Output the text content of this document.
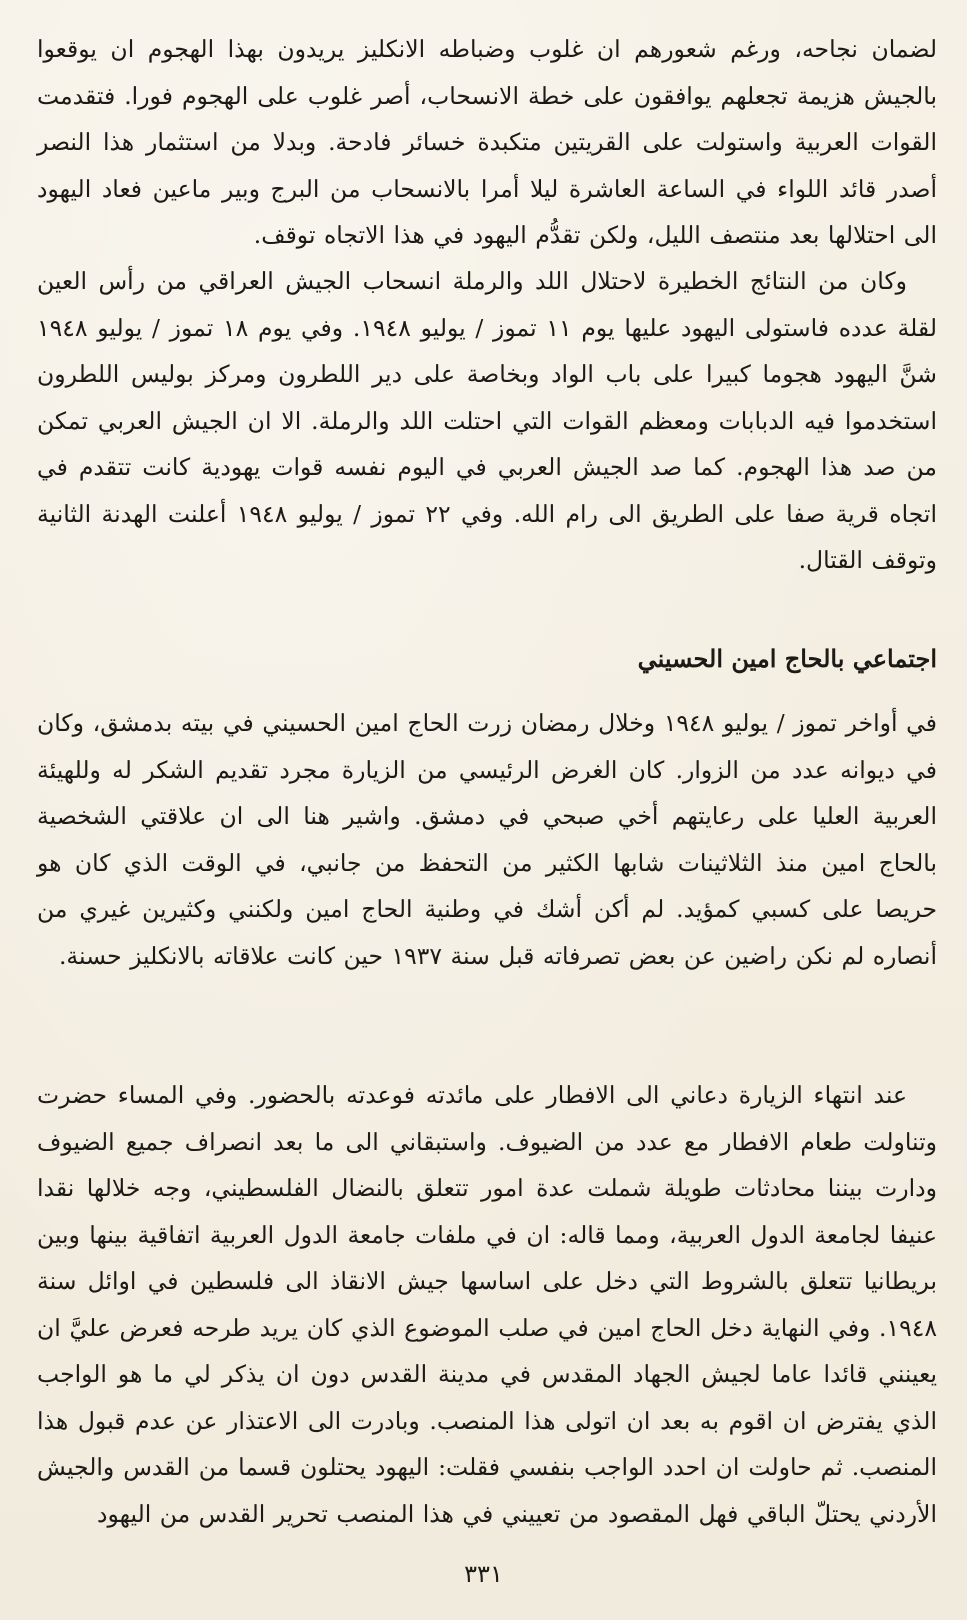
لضمان نجاحه، ورغم شعورهم ان غلوب وضباطه الانكليز يريدون بهذا الهجوم ان يوقعوا بالجيش هزيمة تجعلهم يوافقون على خطة الانسحاب، أصر غلوب على الهجوم فورا. فتقدمت القوات العربية واستولت على القريتين متكبدة خسائر فادحة. وبدلا من استثمار هذا النصر أصدر قائد اللواء في الساعة العاشرة ليلا أمرا بالانسحاب من البرج وبير ماعين فعاد اليهود الى احتلالها بعد منتصف الليل، ولكن تقدُّم اليهود في هذا الاتجاه توقف.

وكان من النتائج الخطيرة لاحتلال اللد والرملة انسحاب الجيش العراقي من رأس العين لقلة عدده فاستولى اليهود عليها يوم ١١ تموز / يوليو ١٩٤٨. وفي يوم ١٨ تموز / يوليو ١٩٤٨ شنَّ اليهود هجوما كبيرا على باب الواد وبخاصة على دير اللطرون ومركز بوليس اللطرون استخدموا فيه الدبابات ومعظم القوات التي احتلت اللد والرملة. الا ان الجيش العربي تمكن من صد هذا الهجوم. كما صد الجيش العربي في اليوم نفسه قوات يهودية كانت تتقدم في اتجاه قرية صفا على الطريق الى رام الله. وفي ٢٢ تموز / يوليو ١٩٤٨ أعلنت الهدنة الثانية وتوقف القتال.

اجتماعي بالحاج امين الحسيني

في أواخر تموز / يوليو ١٩٤٨ وخلال رمضان زرت الحاج امين الحسيني في بيته بدمشق، وكان في ديوانه عدد من الزوار. كان الغرض الرئيسي من الزيارة مجرد تقديم الشكر له وللهيئة العربية العليا على رعايتهم أخي صبحي في دمشق. واشير هنا الى ان علاقتي الشخصية بالحاج امين منذ الثلاثينات شابها الكثير من التحفظ من جانبي، في الوقت الذي كان هو حريصا على كسبي كمؤيد. لم أكن أشك في وطنية الحاج امين ولكنني وكثيرين غيري من أنصاره لم نكن راضين عن بعض تصرفاته قبل سنة ١٩٣٧ حين كانت علاقاته بالانكليز حسنة.

عند انتهاء الزيارة دعاني الى الافطار على مائدته فوعدته بالحضور. وفي المساء حضرت وتناولت طعام الافطار مع عدد من الضيوف. واستبقاني الى ما بعد انصراف جميع الضيوف ودارت بيننا محادثات طويلة شملت عدة امور تتعلق بالنضال الفلسطيني، وجه خلالها نقدا عنيفا لجامعة الدول العربية، ومما قاله: ان في ملفات جامعة الدول العربية اتفاقية بينها وبين بريطانيا تتعلق بالشروط التي دخل على اساسها جيش الانقاذ الى فلسطين في اوائل سنة ١٩٤٨. وفي النهاية دخل الحاج امين في صلب الموضوع الذي كان يريد طرحه فعرض عليَّ ان يعينني قائدا عاما لجيش الجهاد المقدس في مدينة القدس دون ان يذكر لي ما هو الواجب الذي يفترض ان اقوم به بعد ان اتولى هذا المنصب. وبادرت الى الاعتذار عن عدم قبول هذا المنصب. ثم حاولت ان احدد الواجب بنفسي فقلت: اليهود يحتلون قسما من القدس والجيش الأردني يحتلّ الباقي فهل المقصود من تعييني في هذا المنصب تحرير القدس من اليهود

٣٣١
